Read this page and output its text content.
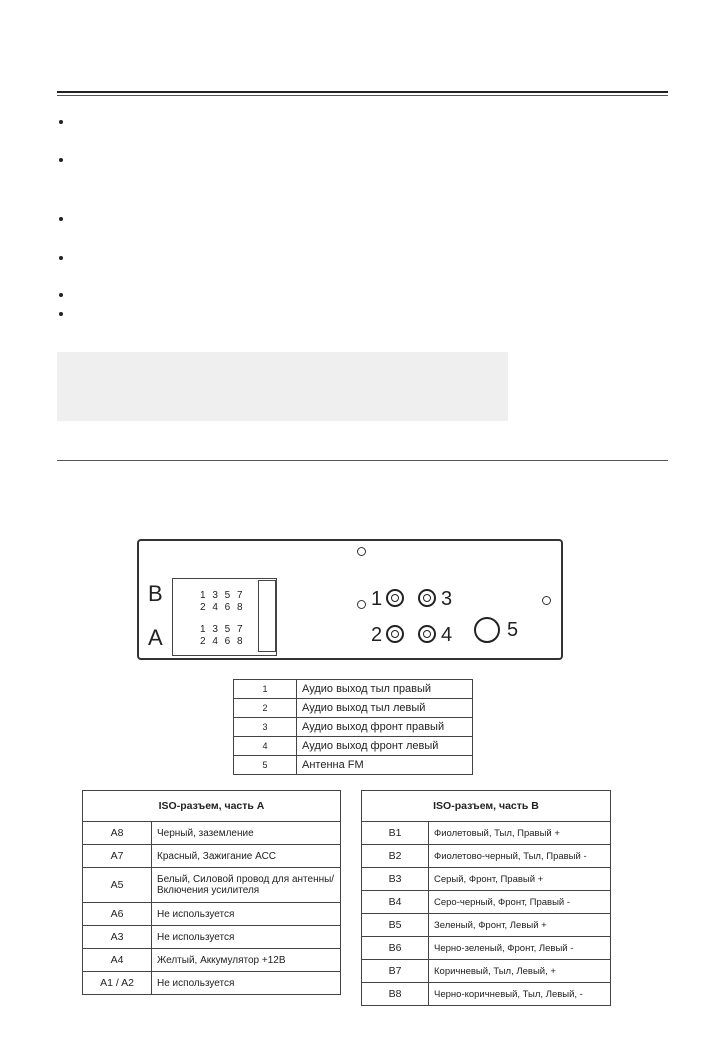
B
A
1 3 5 7
2 4 6 8
1 3 5 7
2 4 6 8
1	3
2	4	5
1	Аудио выход тыл правый
2	Аудио выход тыл левый
3	Аудио выход фронт правый
4	Аудио выход фронт левый
5	Антенна FM
ISO-разъем, часть А	
A8	Черный, заземление
A7	Красный, Зажигание АСС
A5	Белый, Силовой провод для антенны/Включения усилителя
A6	Не используется
A3	Не используется
A4	Желтый, Аккумулятор +12В
A1 / A2	Не используется
ISO-разъем, часть В	
B1	Фиолетовый, Тыл, Правый +
B2	Фиолетово-черный, Тыл, Правый -
B3	Серый, Фронт, Правый +
B4	Серо-черный, Фронт, Правый -
B5	Зеленый, Фронт, Левый +
B6	Черно-зеленый, Фронт, Левый -
B7	Коричневый, Тыл, Левый, +
B8	Черно-коричневый, Тыл, Левый, -
